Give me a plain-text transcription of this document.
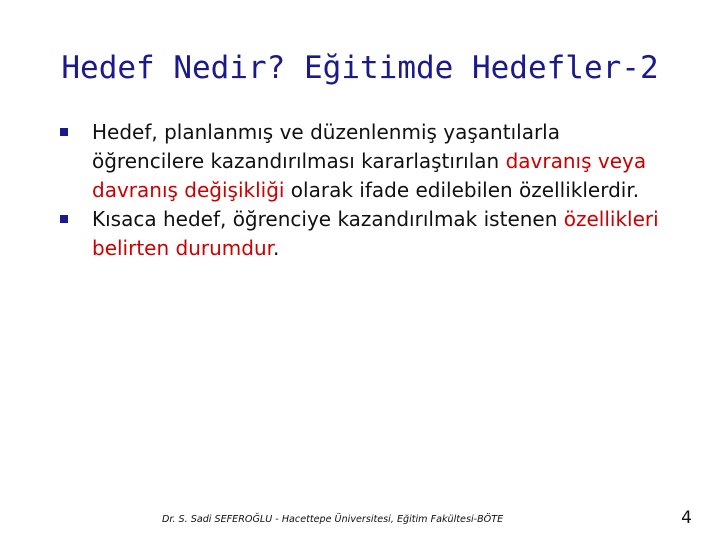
Hedef Nedir? Eğitimde Hedefler-2
Hedef, planlanmış ve düzenlenmiş yaşantılarla öğrencilere kazandırılması kararlaştırılan davranış veya davranış değişikliği olarak ifade edilebilen özelliklerdir.
Kısaca hedef, öğrenciye kazandırılmak istenen özellikleri belirten durumdur.
Dr. S. Sadi SEFEROĞLU - Hacettepe Üniversitesi, Eğitim Fakültesi-BÖTE	4
